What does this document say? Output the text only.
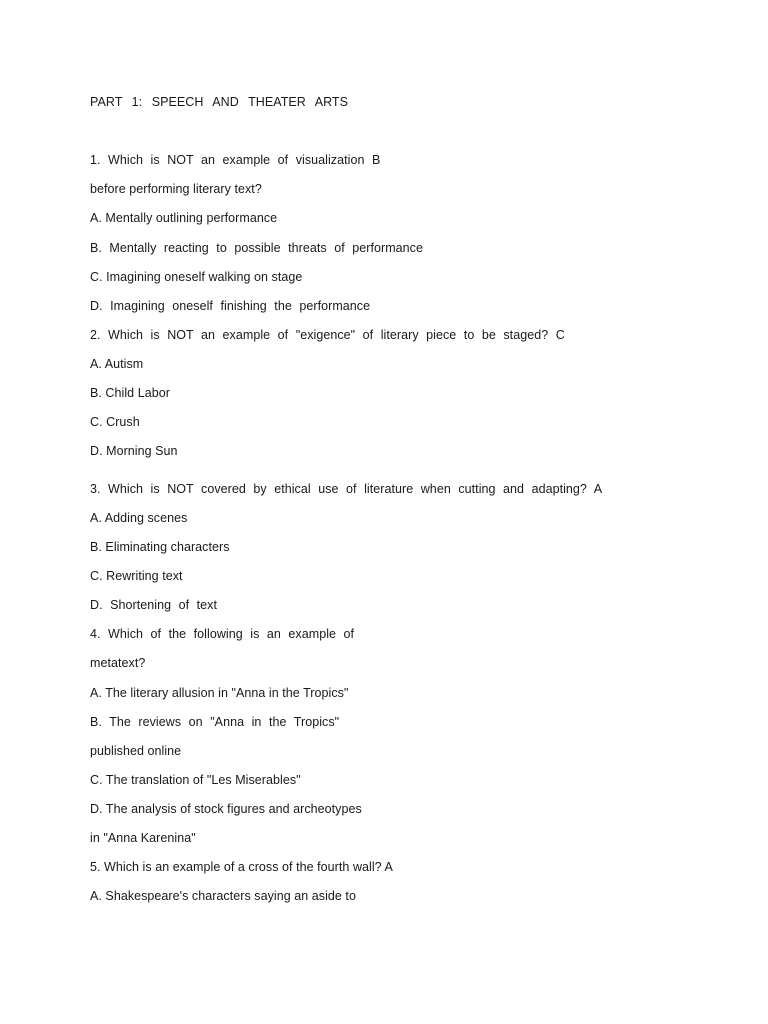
PART 1: SPEECH AND THEATER ARTS
1. Which is NOT an example of visualization B
before performing literary text?
A. Mentally outlining performance
B. Mentally reacting to possible threats of performance
C. Imagining oneself walking on stage
D. Imagining oneself finishing the performance
2. Which is NOT an example of "exigence" of literary piece to be staged? C
A. Autism
B. Child Labor
C. Crush
D. Morning Sun
3. Which is NOT covered by ethical use of literature when cutting and adapting? A
A. Adding scenes
B. Eliminating characters
C. Rewriting text
D. Shortening of text
4. Which of the following is an example of
metatext?
A. The literary allusion in "Anna in the Tropics"
B. The reviews on "Anna in the Tropics"
published online
C. The translation of "Les Miserables"
D. The analysis of stock figures and archeotypes
in "Anna Karenina"
5. Which is an example of a cross of the fourth wall? A
A. Shakespeare's characters saying an aside to
